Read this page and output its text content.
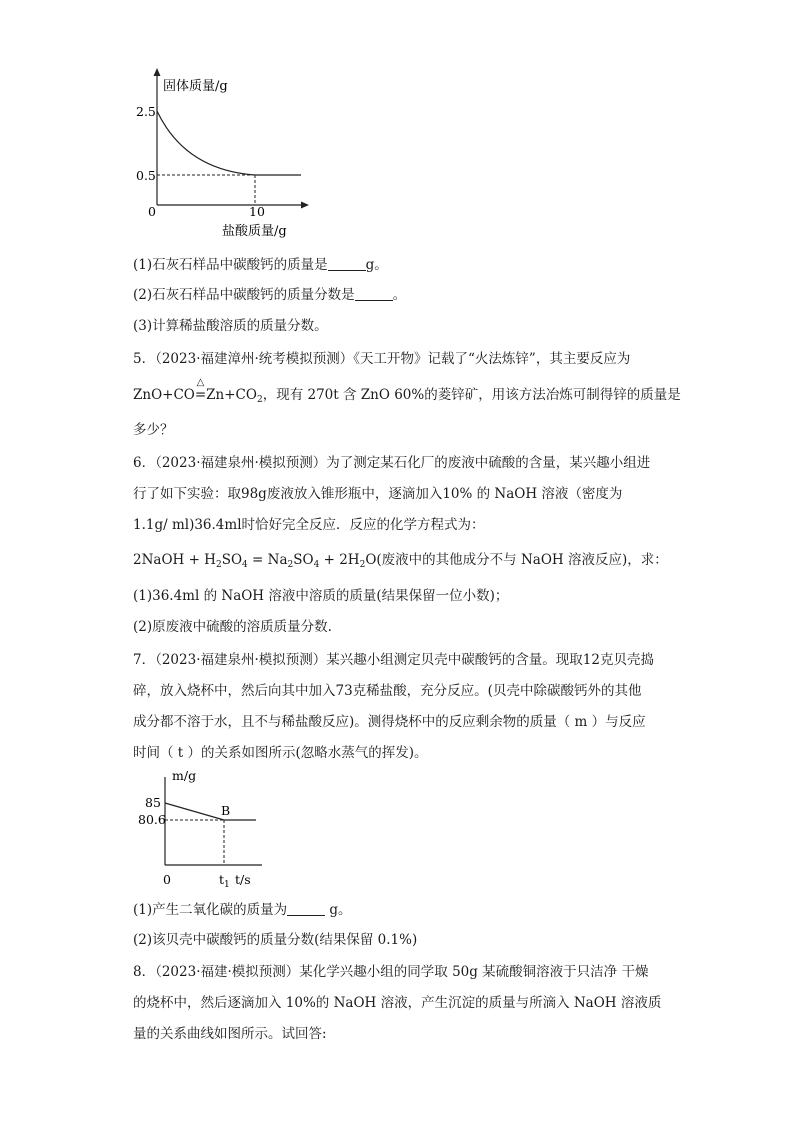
固体质量/g
2.5
0.5
0	10
盐酸质量/g
(1)石灰石样品中碳酸钙的质量是	g。
(2)石灰石样品中碳酸钙的质量分数是	。
(3)计算稀盐酸溶质的质量分数。
5．（2023·福建漳州·统考模拟预测）《天工开物》记载了“火法炼锌”，其主要反应为
ZnO+CO
△
$=Zn+CO_2$，现有 270t 含 ZnO 60%的菱锌矿，用该方法冶炼可制得锌的质量是
多少？
6．（2023·福建泉州·模拟预测）为了测定某石化厂的废液中硫酸的含量，某兴趣小组进
行了如下实验：取98g废液放入锥形瓶中，逐滴加入10% 的 NaOH 溶液（密度为
1.1g/ ml)36.4ml时恰好完全反应．反应的化学方程式为：
2NaOH + $H_2SO_4 = Na_2SO_4 + 2H_2O$(废液中的其他成分不与 NaOH 溶液反应)，求：
(1)36.4ml 的 NaOH 溶液中溶质的质量(结果保留一位小数)；
(2)原废液中硫酸的溶质质量分数.
7．（2023·福建泉州·模拟预测）某兴趣小组测定贝壳中碳酸钙的含量。现取12克贝壳捣
碎，放入烧杯中，然后向其中加入73克稀盐酸，充分反应。(贝壳中除碳酸钙外的其他
成分都不溶于水，且不与稀盐酸反应)。测得烧杯中的反应剩余物的质量（ m ）与反应
时间（ t ）的关系如图所示(忽略水蒸气的挥发)。
m/g
85
80.6
0	$t_1$ t/s
B
(1)产生二氧化碳的质量为	g。
(2)该贝壳中碳酸钙的质量分数(结果保留 0.1%)
8．（2023·福建·模拟预测）某化学兴趣小组的同学取 50g 某硫酸铜溶液于只洁净 干燥
的烧杯中，然后逐滴加入 10%的 NaOH 溶液，产生沉淀的质量与所滴入 NaOH 溶液质
量的关系曲线如图所示。试回答:
